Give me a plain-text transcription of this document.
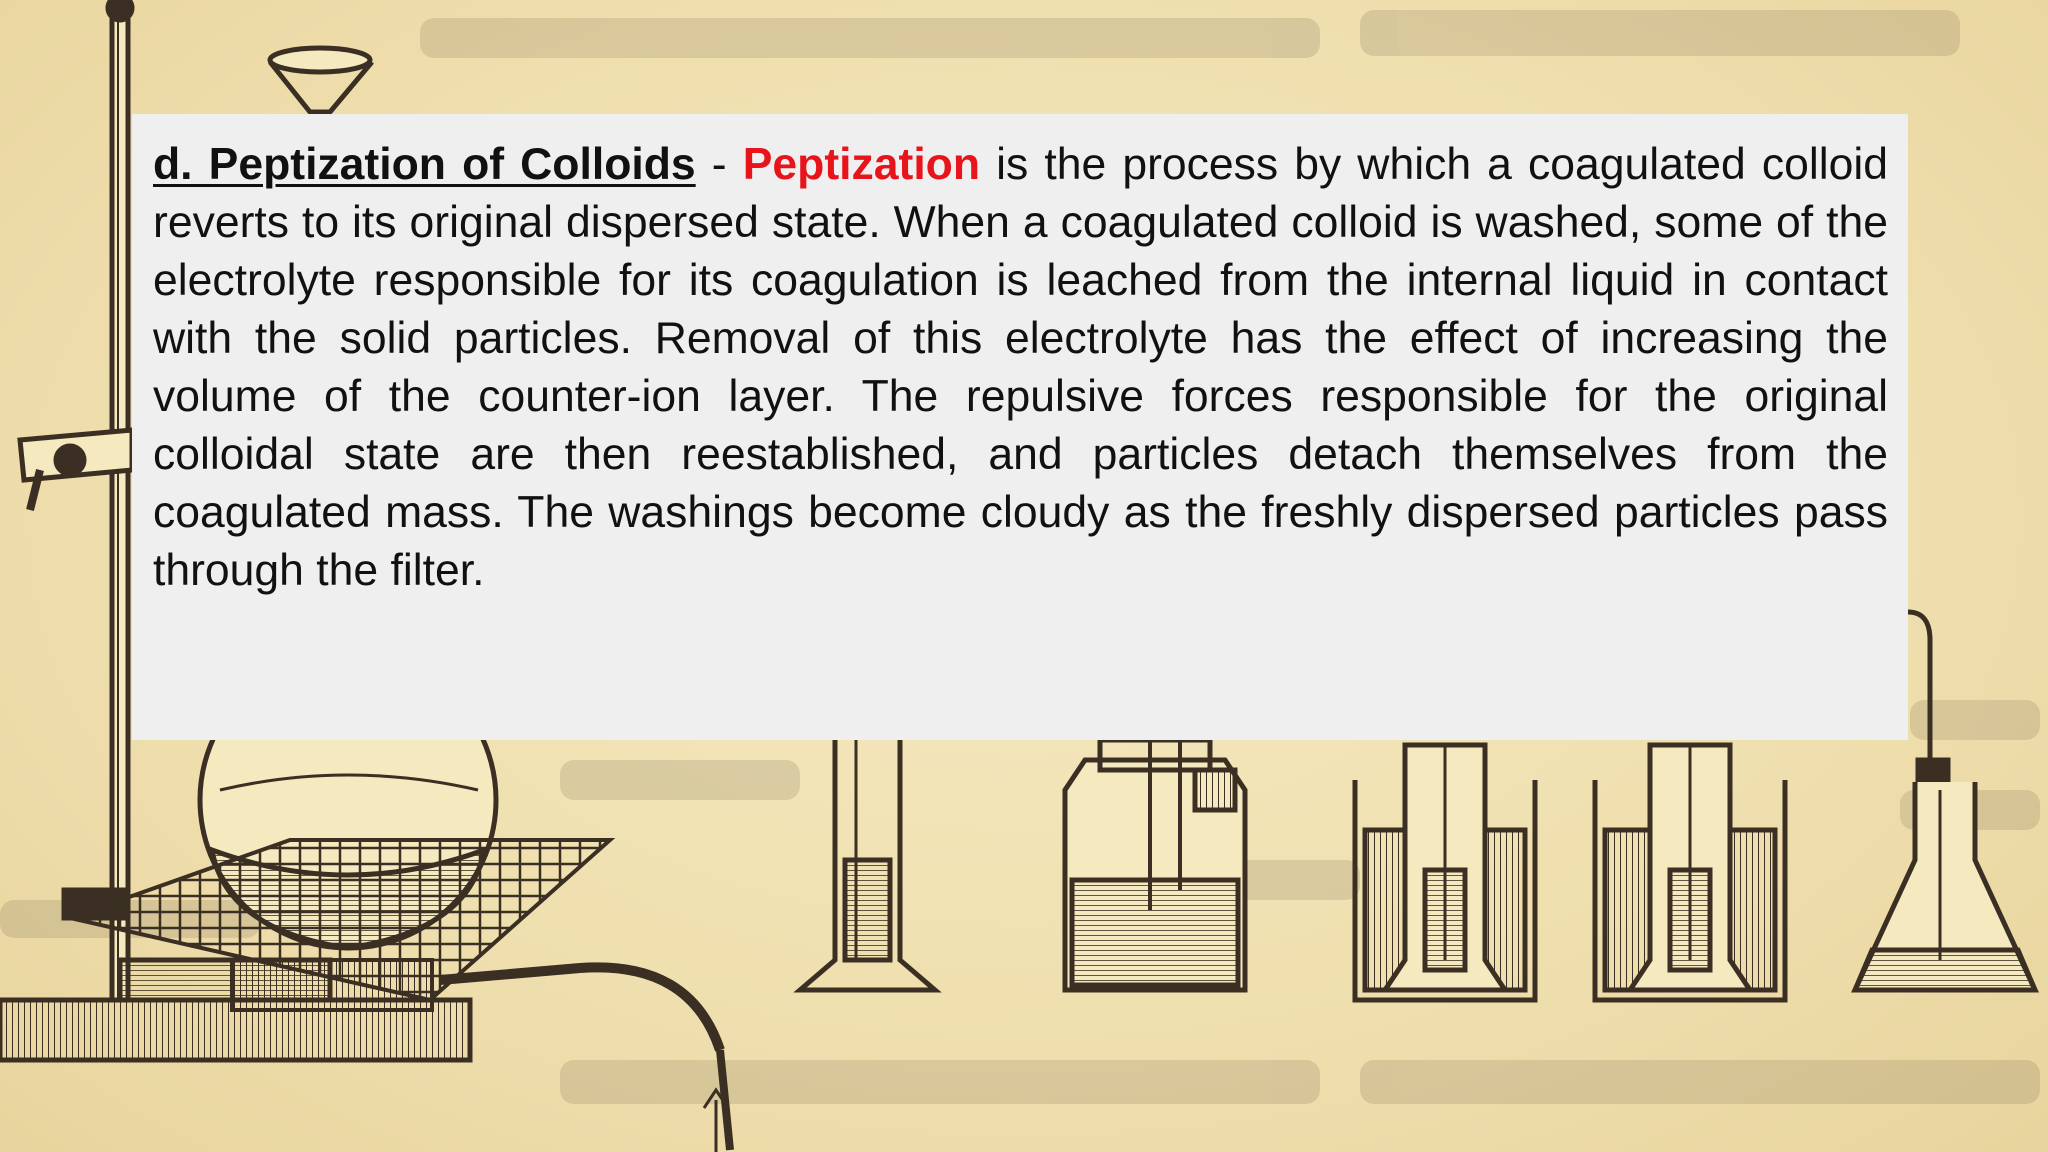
d. Peptization of Colloids - Peptization is the process by which a coagulated colloid reverts to its original dispersed state. When a coagulated colloid is washed, some of the electrolyte responsible for its coagulation is leached from the internal liquid in contact with the solid particles. Removal of this electrolyte has the effect of increasing the volume of the counter-ion layer. The repulsive forces responsible for the original colloidal state are then reestablished, and particles detach themselves from the coagulated mass. The washings become cloudy as the freshly dispersed particles pass through the filter.
